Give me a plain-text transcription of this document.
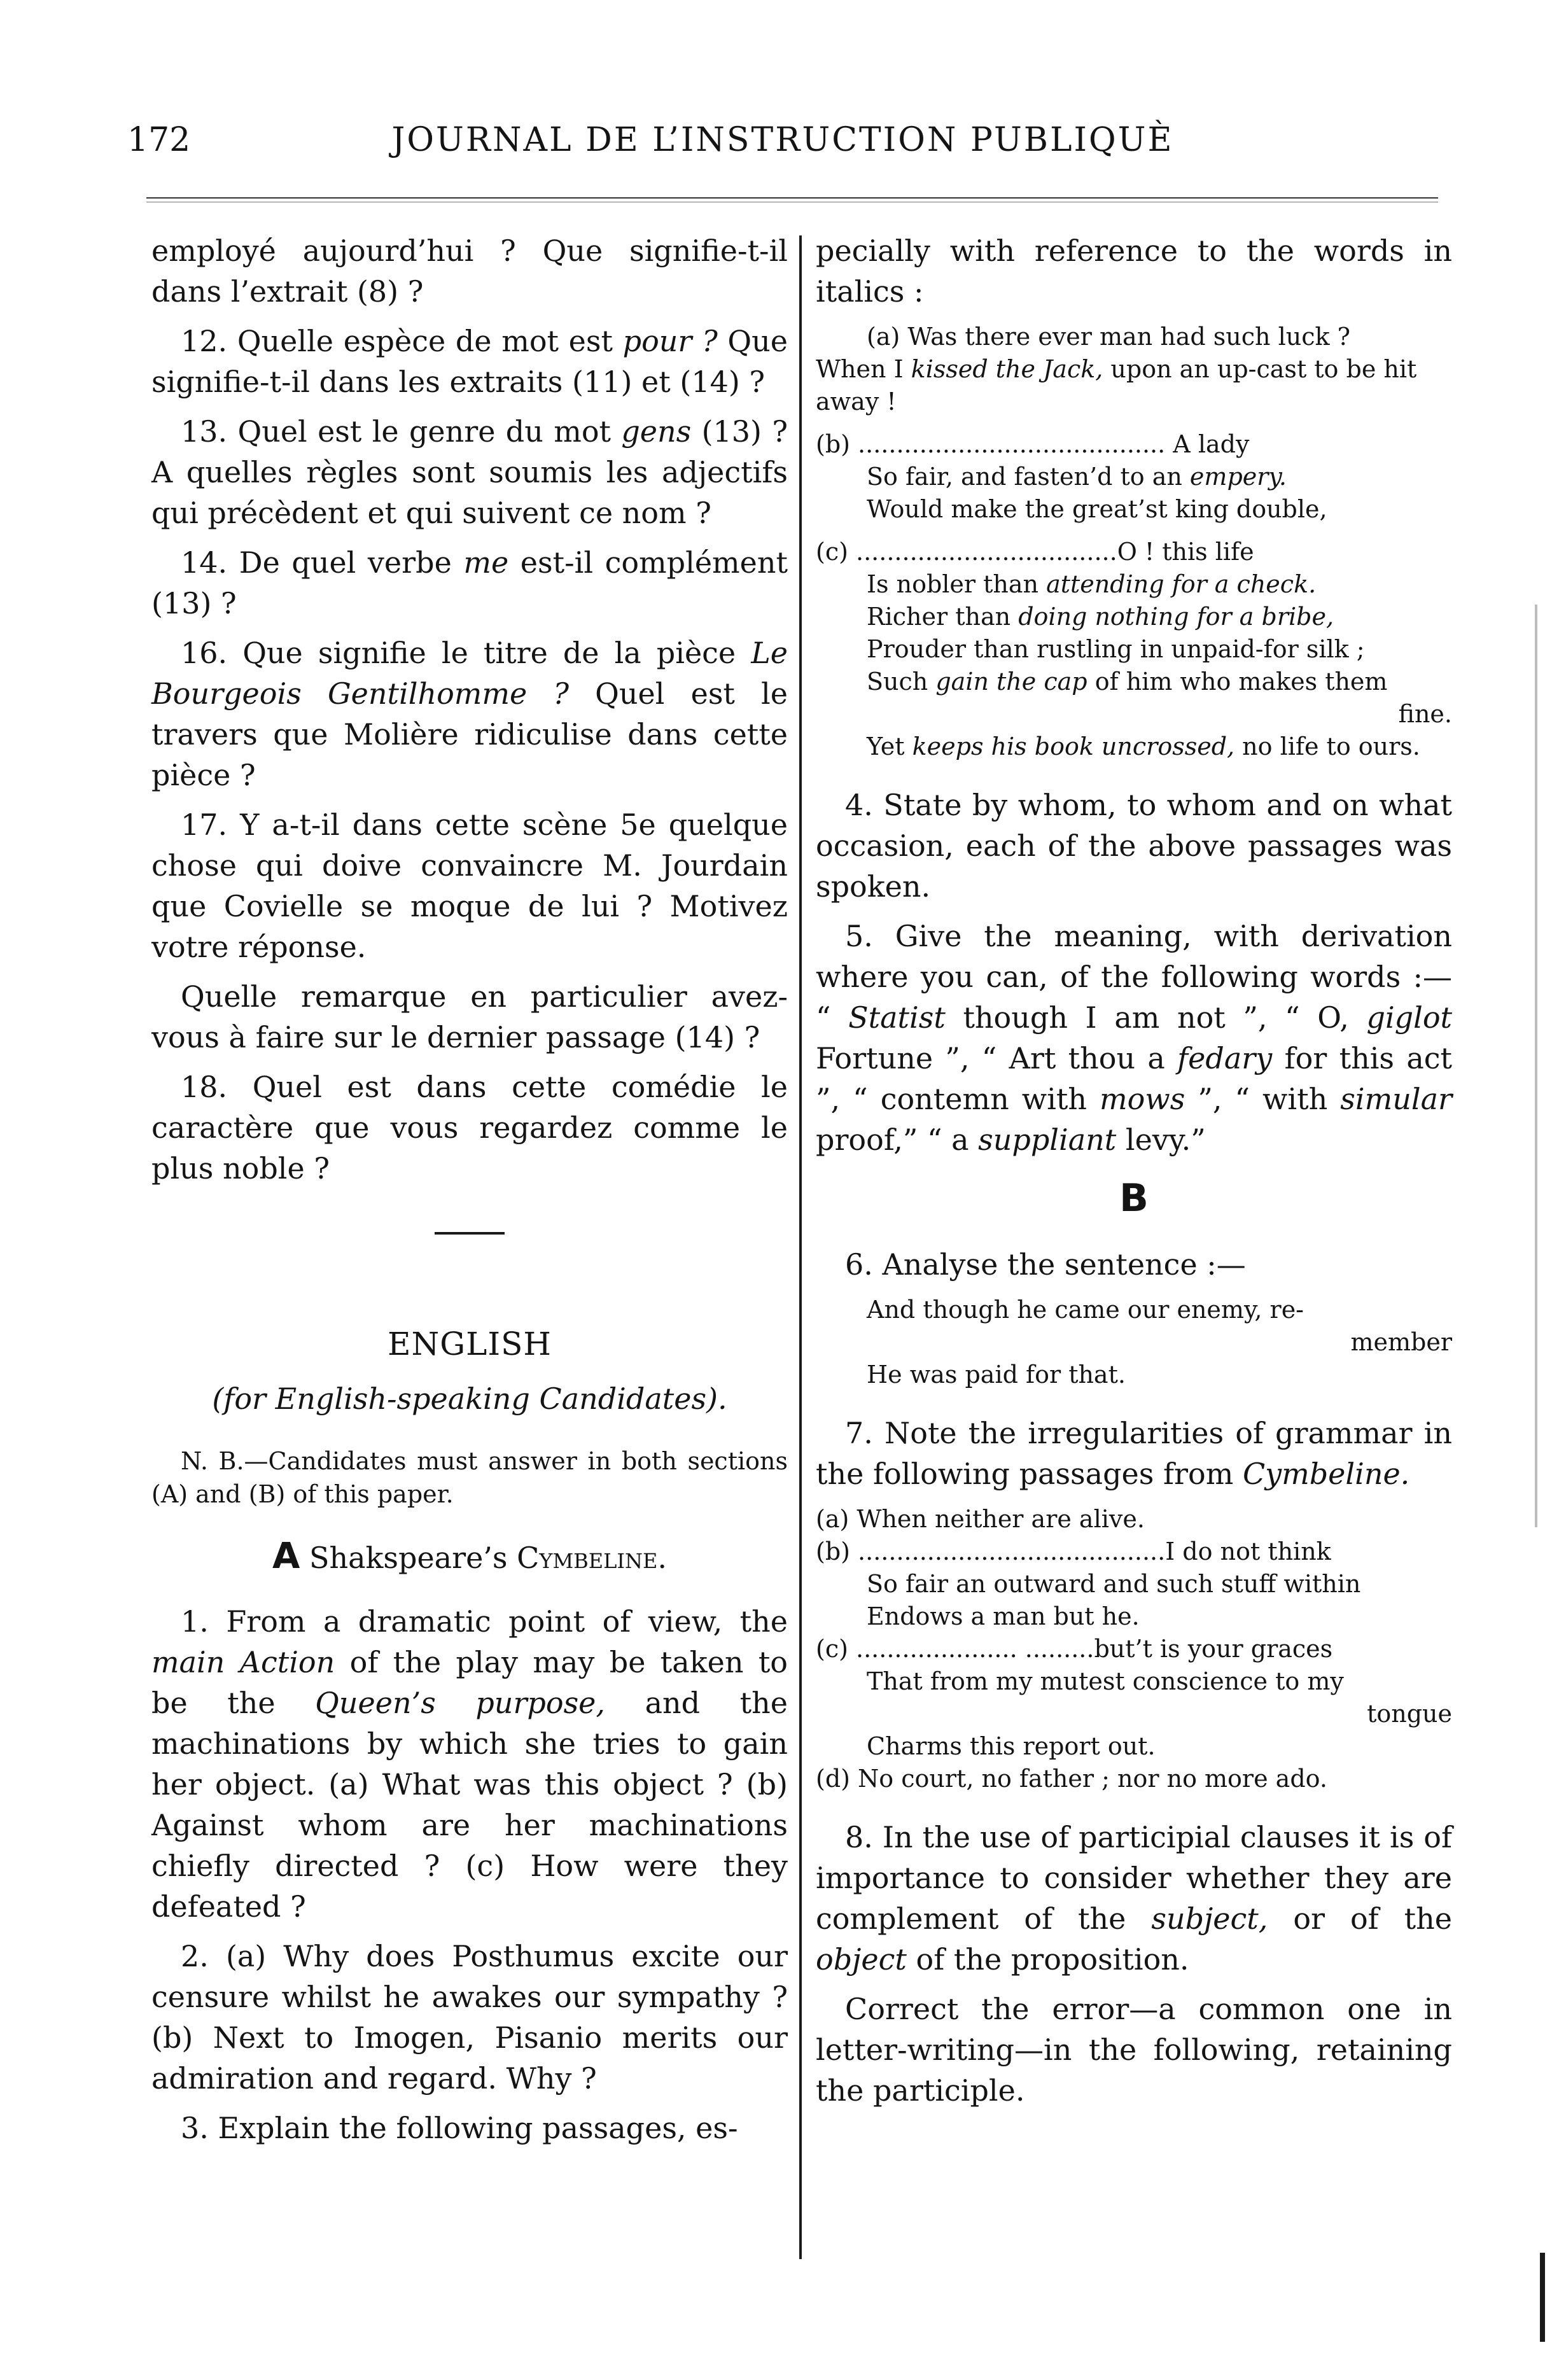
172	JOURNAL DE L’INSTRUCTION PUBLIQUÈ

employé aujourd’hui ? Que signifie-t-il dans l’extrait (8) ?

12. Quelle espèce de mot est pour ? Que signifie-t-il dans les extraits (11) et (14) ?

13. Quel est le genre du mot gens (13) ? A quelles règles sont soumis les adjectifs qui précèdent et qui suivent ce nom ?

14. De quel verbe me est-il complément (13) ?

16. Que signifie le titre de la pièce Le Bourgeois Gentilhomme ? Quel est le travers que Molière ridiculise dans cette pièce ?

17. Y a-t-il dans cette scène 5e quelque chose qui doive convaincre M. Jourdain que Covielle se moque de lui ? Motivez votre réponse.

Quelle remarque en particulier avez-vous à faire sur le dernier passage (14) ?

18. Quel est dans cette comédie le caractère que vous regardez comme le plus noble ?

ENGLISH
(for English-speaking Candidates).

N. B.—Candidates must answer in both sections (A) and (B) of this paper.

A Shakspeare’s Cymbeline.

1. From a dramatic point of view, the main Action of the play may be taken to be the Queen’s purpose, and the machinations by which she tries to gain her object. (a) What was this object ? (b) Against whom are her machinations chiefly directed ? (c) How were they defeated ?

2. (a) Why does Posthumus excite our censure whilst he awakes our sympathy ? (b) Next to Imogen, Pisanio merits our admiration and regard. Why ?

3. Explain the following passages, es-

pecially with reference to the words in italics :

(a) Was there ever man had such luck ?
When I kissed the Jack, upon an up-cast to be hit away !
(b) ........................................ A lady
So fair, and fasten’d to an empery.
Would make the great’st king double,
(c) ..................................O ! this life
Is nobler than attending for a check.
Richer than doing nothing for a bribe,
Prouder than rustling in unpaid-for silk ;
Such gain the cap of him who makes them
fine.
Yet keeps his book uncrossed, no life to ours.

4. State by whom, to whom and on what occasion, each of the above passages was spoken.

5. Give the meaning, with derivation where you can, of the following words :— “ Statist though I am not ”, “ O, giglot Fortune ”, “ Art thou a fedary for this act ”, “ contemn with mows ”, “ with simular proof,” “ a suppliant levy.”

B

6. Analyse the sentence :—

And though he came our enemy, re-
member
He was paid for that.

7. Note the irregularities of grammar in the following passages from Cymbeline.

(a) When neither are alive.
(b) ........................................I do not think
So fair an outward and such stuff within
Endows a man but he.
(c) ..................... .........but’t is your graces
That from my mutest conscience to my
tongue
Charms this report out.
(d) No court, no father ; nor no more ado.

8. In the use of participial clauses it is of importance to consider whether they are complement of the subject, or of the object of the proposition.

Correct the error—a common one in letter-writing—in the following, retaining the participle.
